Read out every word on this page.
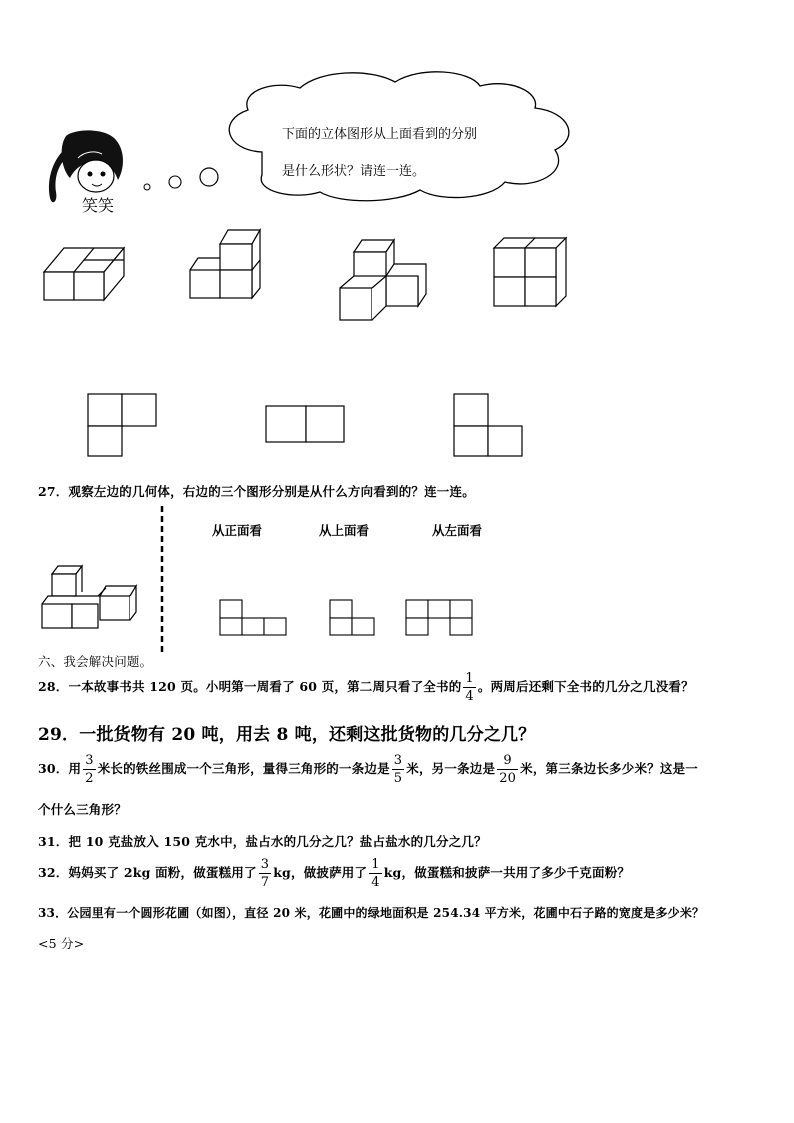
下面的立体图形从上面看到的分别
是什么形状？请连一连。
笑笑
27．观察左边的几何体，右边的三个图形分别是从什么方向看到的？连一连。
从正面看	从上面看	从左面看
六、我会解决问题。
28．一本故事书共 120 页。小明第一周看了 60 页，第二周只看了全书的 $\frac{1}{4}$ 。两周后还剩下全书的几分之几没看？
29．一批货物有 20 吨，用去 8 吨，还剩这批货物的几分之几？
30．用 $\frac{3}{2}$ 米长的铁丝围成一个三角形，量得三角形的一条边是 $\frac{3}{5}$ 米，另一条边是 $\frac{9}{20}$ 米，第三条边长多少米？这是一
个什么三角形？
31．把 10 克盐放入 150 克水中，盐占水的几分之几？盐占盐水的几分之几？
32．妈妈买了 2kg 面粉，做蛋糕用了 $\frac{3}{7}$ kg，做披萨用了 $\frac{1}{4}$ kg，做蛋糕和披萨一共用了多少千克面粉？
33．公园里有一个圆形花圃（如图），直径 20 米，花圃中的绿地面积是 254.34 平方米，花圃中石子路的宽度是多少米？
<5 分>
